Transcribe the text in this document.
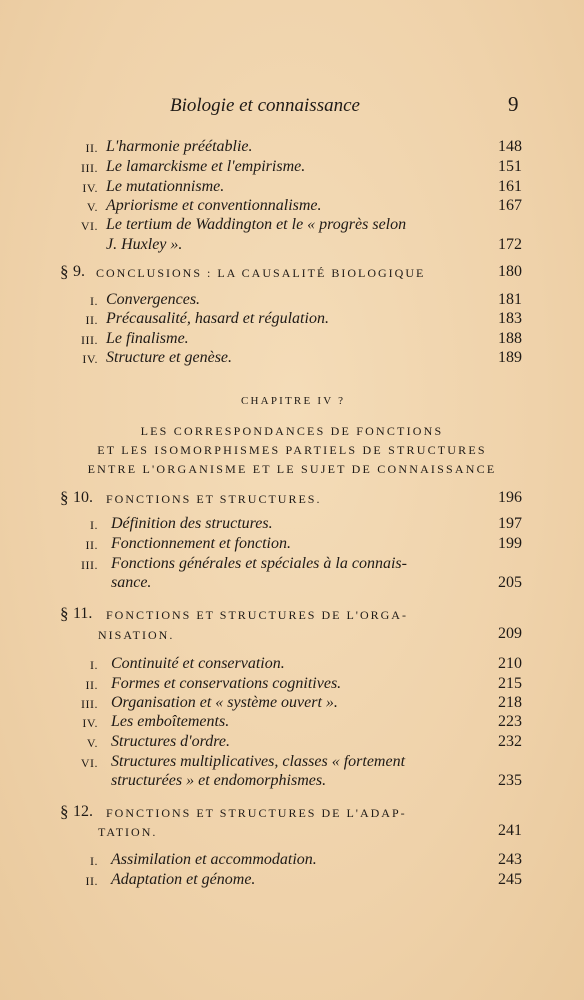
Biologie et connaissance	9
II. L'harmonie préétablie.	148
III. Le lamarckisme et l'empirisme.	151
IV. Le mutationnisme.	161
V. Apriorisme et conventionnalisme.	167
VI. Le tertium de Waddington et le « progrès selon
J. Huxley ».	172
§ 9. CONCLUSIONS : LA CAUSALITÉ BIOLOGIQUE	180
I. Convergences.	181
II. Précausalité, hasard et régulation.	183
III. Le finalisme.	188
IV. Structure et genèse.	189
CHAPITRE IV ?
LES CORRESPONDANCES DE FONCTIONS
ET LES ISOMORPHISMES PARTIELS DE STRUCTURES
ENTRE L'ORGANISME ET LE SUJET DE CONNAISSANCE
§ 10. FONCTIONS ET STRUCTURES.	196
I. Définition des structures.	197
II. Fonctionnement et fonction.	199
III. Fonctions générales et spéciales à la connais-
sance.	205
§ 11. FONCTIONS ET STRUCTURES DE L'ORGA-
NISATION.	209
I. Continuité et conservation.	210
II. Formes et conservations cognitives.	215
III. Organisation et « système ouvert ».	218
IV. Les emboîtements.	223
V. Structures d'ordre.	232
VI. Structures multiplicatives, classes « fortement
structurées » et endomorphismes.	235
§ 12. FONCTIONS ET STRUCTURES DE L'ADAP-
TATION.	241
I. Assimilation et accommodation.	243
II. Adaptation et génome.	245
